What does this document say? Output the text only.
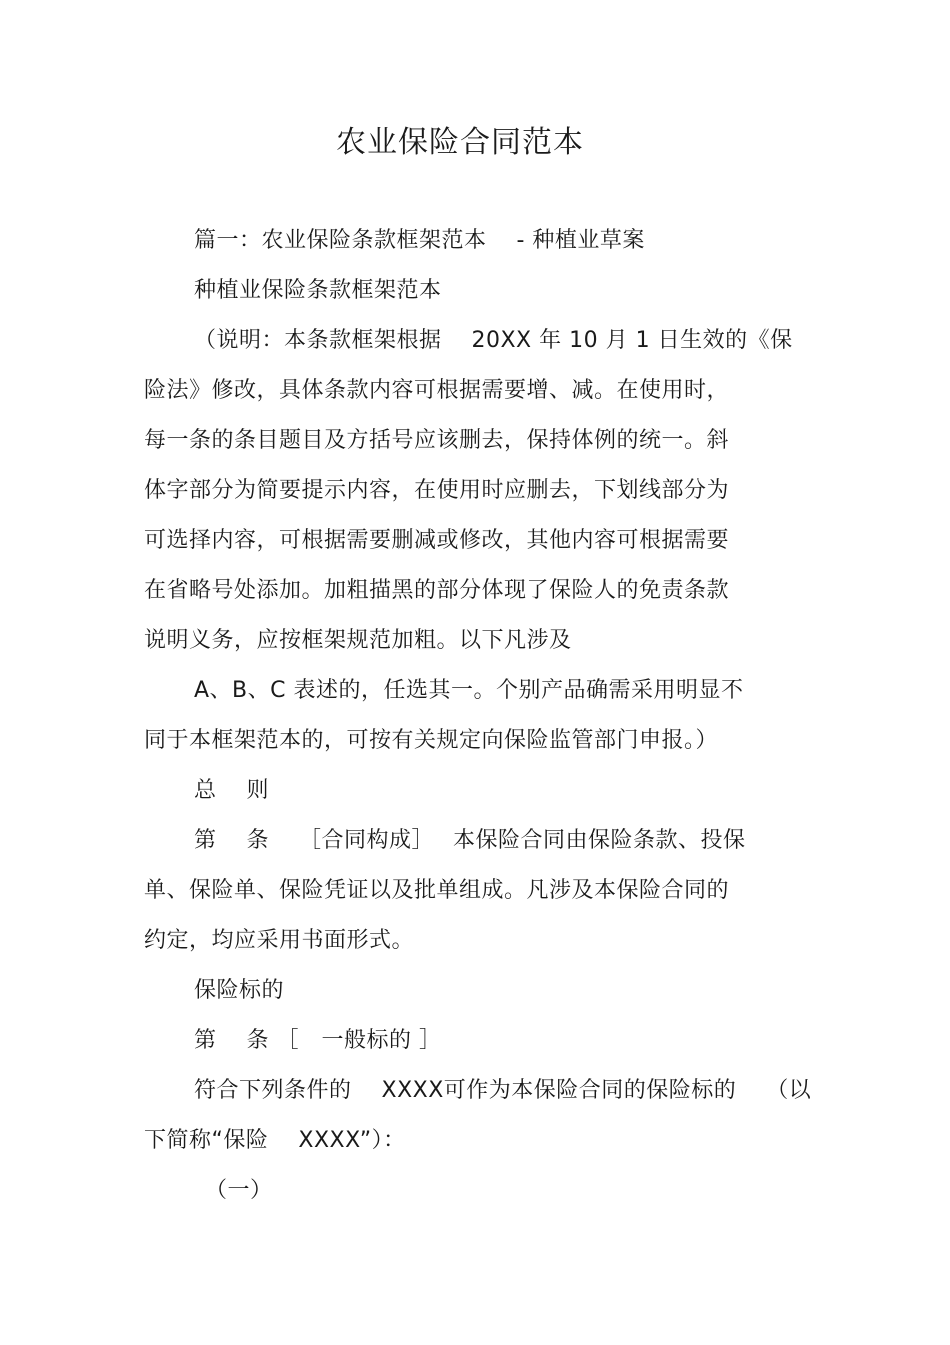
农业保险合同范本
篇一：农业保险条款框架范本　 - 种植业草案
种植业保险条款框架范本
（说明：本条款框架根据　 20XX 年 10 月 1 日生效的《保
险法》修改，具体条款内容可根据需要增、减。在使用时，
每一条的条目题目及方括号应该删去，保持体例的统一。斜
体字部分为简要提示内容，在使用时应删去，下划线部分为
可选择内容，可根据需要删减或修改，其他内容可根据需要
在省略号处添加。加粗描黑的部分体现了保险人的免责条款
说明义务，应按框架规范加粗。以下凡涉及
A、B、C 表述的，任选其一。个别产品确需采用明显不
同于本框架范本的，可按有关规定向保险监管部门申报。）
总　 则
第　 条　 ［合同构成］　 本保险合同由保险条款、投保
单、保险单、保险凭证以及批单组成。凡涉及本保险合同的
约定，均应采用书面形式。
保险标的
第　 条 ［　一般标的 ］
符合下列条件的　 XXXX可作为本保险合同的保险标的　 （以
下简称“保险　 XXXX”）：
（一）
